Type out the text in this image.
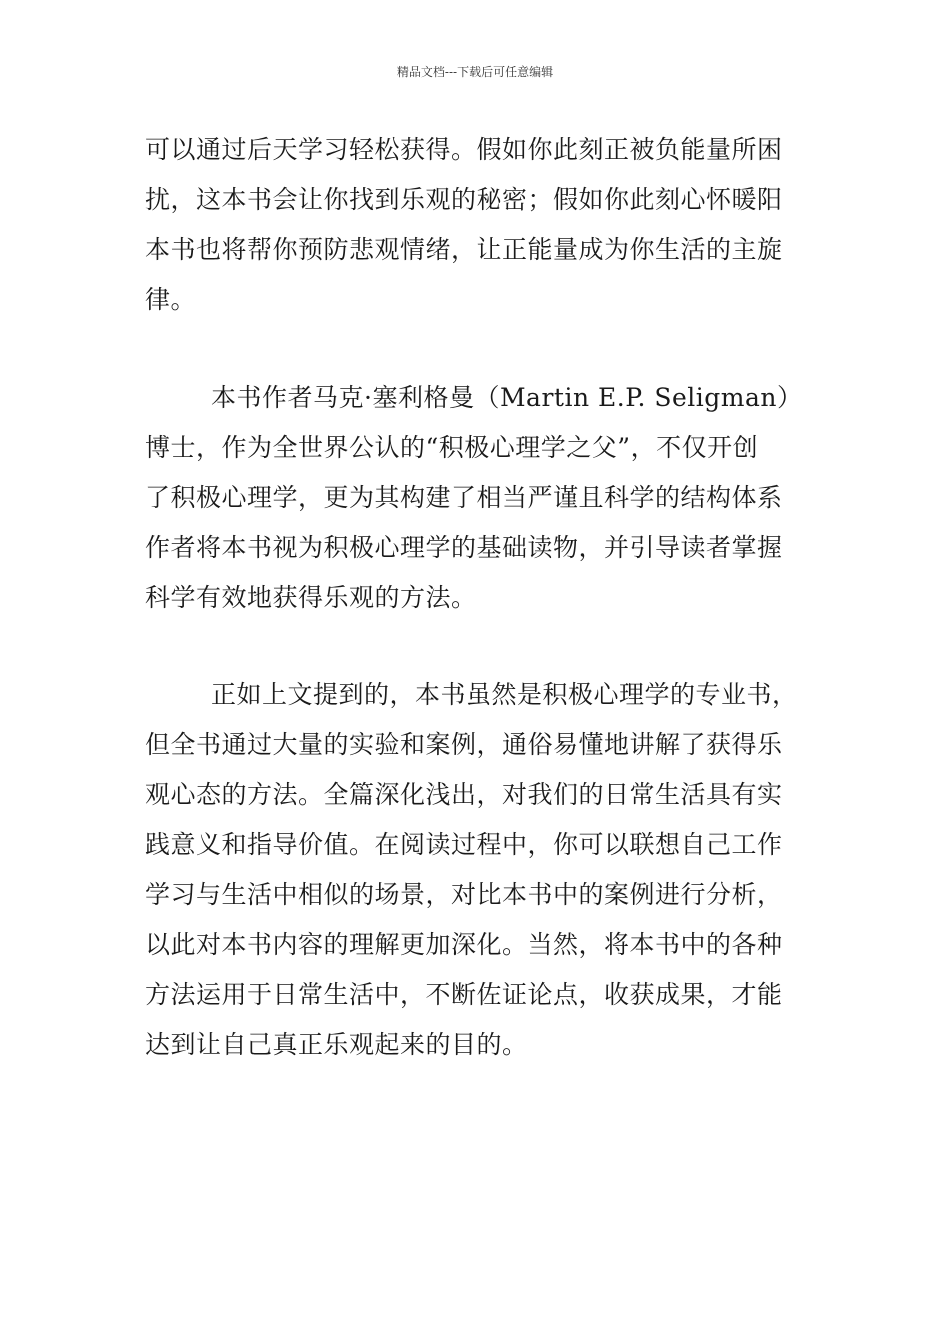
精品文档---下载后可任意编辑
可以通过后天学习轻松获得。假如你此刻正被负能量所困
扰，这本书会让你找到乐观的秘密；假如你此刻心怀暖阳
本书也将帮你预防悲观情绪，让正能量成为你生活的主旋
律。
本书作者马克·塞利格曼（Martin E.P. Seligman）
博士，作为全世界公认的“积极心理学之父”，不仅开创
了积极心理学，更为其构建了相当严谨且科学的结构体系
作者将本书视为积极心理学的基础读物，并引导读者掌握
科学有效地获得乐观的方法。
正如上文提到的，本书虽然是积极心理学的专业书，
但全书通过大量的实验和案例，通俗易懂地讲解了获得乐
观心态的方法。全篇深化浅出，对我们的日常生活具有实
践意义和指导价值。在阅读过程中，你可以联想自己工作
学习与生活中相似的场景，对比本书中的案例进行分析，
以此对本书内容的理解更加深化。当然，将本书中的各种
方法运用于日常生活中，不断佐证论点，收获成果，才能
达到让自己真正乐观起来的目的。
